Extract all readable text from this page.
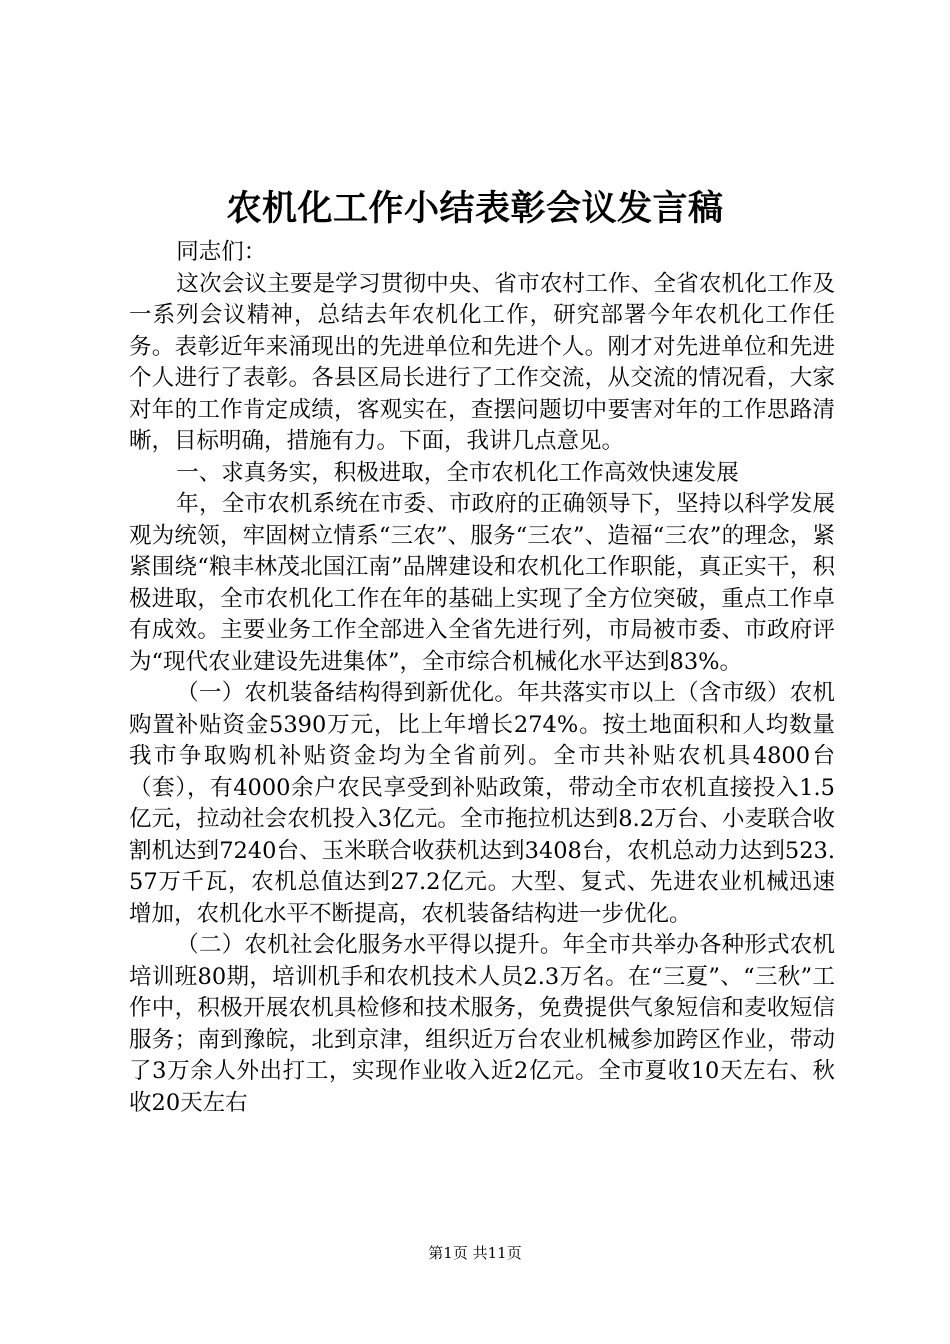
农机化工作小结表彰会议发言稿

同志们：

这次会议主要是学习贯彻中央、省市农村工作、全省农机化工作及一系列会议精神，总结去年农机化工作，研究部署今年农机化工作任务。表彰近年来涌现出的先进单位和先进个人。刚才对先进单位和先进个人进行了表彰。各县区局长进行了工作交流，从交流的情况看，大家对年的工作肯定成绩，客观实在，查摆问题切中要害对年的工作思路清晰，目标明确，措施有力。下面，我讲几点意见。

一、求真务实，积极进取，全市农机化工作高效快速发展

年，全市农机系统在市委、市政府的正确领导下，坚持以科学发展观为统领，牢固树立情系“三农”、服务“三农”、造福“三农”的理念，紧紧围绕“粮丰林茂北国江南”品牌建设和农机化工作职能，真正实干，积极进取，全市农机化工作在年的基础上实现了全方位突破，重点工作卓有成效。主要业务工作全部进入全省先进行列，市局被市委、市政府评为“现代农业建设先进集体”，全市综合机械化水平达到83%。

（一）农机装备结构得到新优化。年共落实市以上（含市级）农机购置补贴资金5390万元，比上年增长274%。按土地面积和人均数量我市争取购机补贴资金均为全省前列。全市共补贴农机具4800台（套），有4000余户农民享受到补贴政策，带动全市农机直接投入1.5亿元，拉动社会农机投入3亿元。全市拖拉机达到8.2万台、小麦联合收割机达到7240台、玉米联合收获机达到3408台，农机总动力达到523.57万千瓦，农机总值达到27.2亿元。大型、复式、先进农业机械迅速增加，农机化水平不断提高，农机装备结构进一步优化。

（二）农机社会化服务水平得以提升。年全市共举办各种形式农机培训班80期，培训机手和农机技术人员2.3万名。在“三夏”、“三秋”工作中，积极开展农机具检修和技术服务，免费提供气象短信和麦收短信服务；南到豫皖，北到京津，组织近万台农业机械参加跨区作业，带动了3万余人外出打工，实现作业收入近2亿元。全市夏收10天左右、秋收20天左右

第1页 共11页
